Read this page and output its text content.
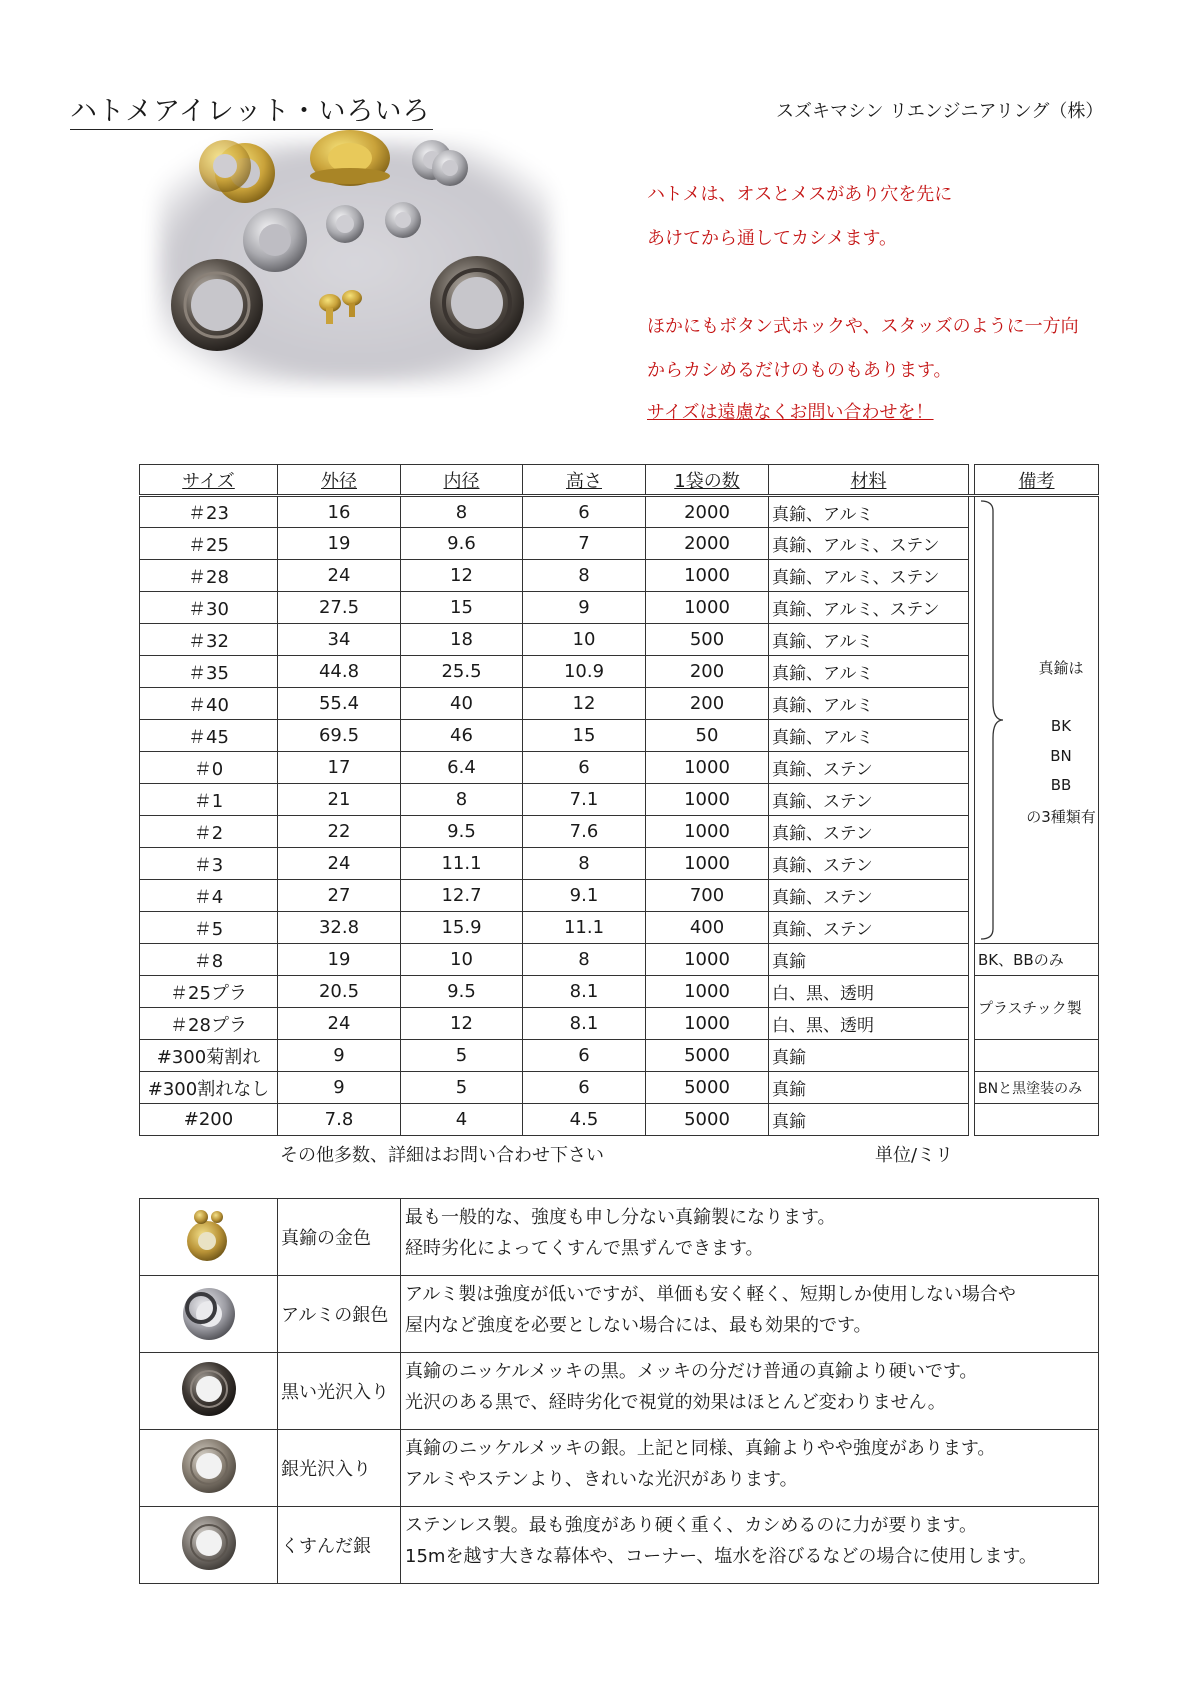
ハトメアイレット・いろいろ	スズキマシン リエンジニアリング（株）
ハトメは、オスとメスがあり穴を先に
あけてから通してカシメます。
ほかにもボタン式ホックや、スタッズのように一方向
からカシめるだけのものもあります。
サイズは遠慮なくお問い合わせを！
サイズ	外径	内径	高さ	1袋の数	材料		備考
＃23	16	8	6	2000	真鍮、アルミ		真鍮は
BK
BN
BB
の3種類有

＃25	19	9.6	7	2000	真鍮、アルミ、ステン		
＃28	24	12	8	1000	真鍮、アルミ、ステン		
＃30	27.5	15	9	1000	真鍮、アルミ、ステン		
＃32	34	18	10	500	真鍮、アルミ		
＃35	44.8	25.5	10.9	200	真鍮、アルミ		
＃40	55.4	40	12	200	真鍮、アルミ		
＃45	69.5	46	15	50	真鍮、アルミ		
＃0	17	6.4	6	1000	真鍮、ステン		
＃1	21	8	7.1	1000	真鍮、ステン		
＃2	22	9.5	7.6	1000	真鍮、ステン		
＃3	24	11.1	8	1000	真鍮、ステン		
＃4	27	12.7	9.1	700	真鍮、ステン		
＃5	32.8	15.9	11.1	400	真鍮、ステン		
＃8	19	10	8	1000	真鍮		BK、BBのみ
＃25プラ	20.5	9.5	8.1	1000	白、黒、透明		プラスチック製
＃28プラ	24	12	8.1	1000	白、黒、透明		
#300菊割れ	9	5	6	5000	真鍮		
#300割れなし	9	5	6	5000	真鍮		BNと黒塗装のみ
#200	7.8	4	4.5	5000	真鍮		
その他多数、詳細はお問い合わせ下さい	単位/ミリ
	真鍮の金色	最も一般的な、強度も申し分ない真鍮製になります。
経時劣化によってくすんで黒ずんできます。

	アルミの銀色	アルミ製は強度が低いですが、単価も安く軽く、短期しか使用しない場合や
屋内など強度を必要としない場合には、最も効果的です。

	黒い光沢入り	真鍮のニッケルメッキの黒。メッキの分だけ普通の真鍮より硬いです。
光沢のある黒で、経時劣化で視覚的効果はほとんど変わりません。

	銀光沢入り	真鍮のニッケルメッキの銀。上記と同様、真鍮よりやや強度があります。
アルミやステンより、きれいな光沢があります。

	くすんだ銀	ステンレス製。最も強度があり硬く重く、カシめるのに力が要ります。
15mを越す大きな幕体や、コーナー、塩水を浴びるなどの場合に使用します。
